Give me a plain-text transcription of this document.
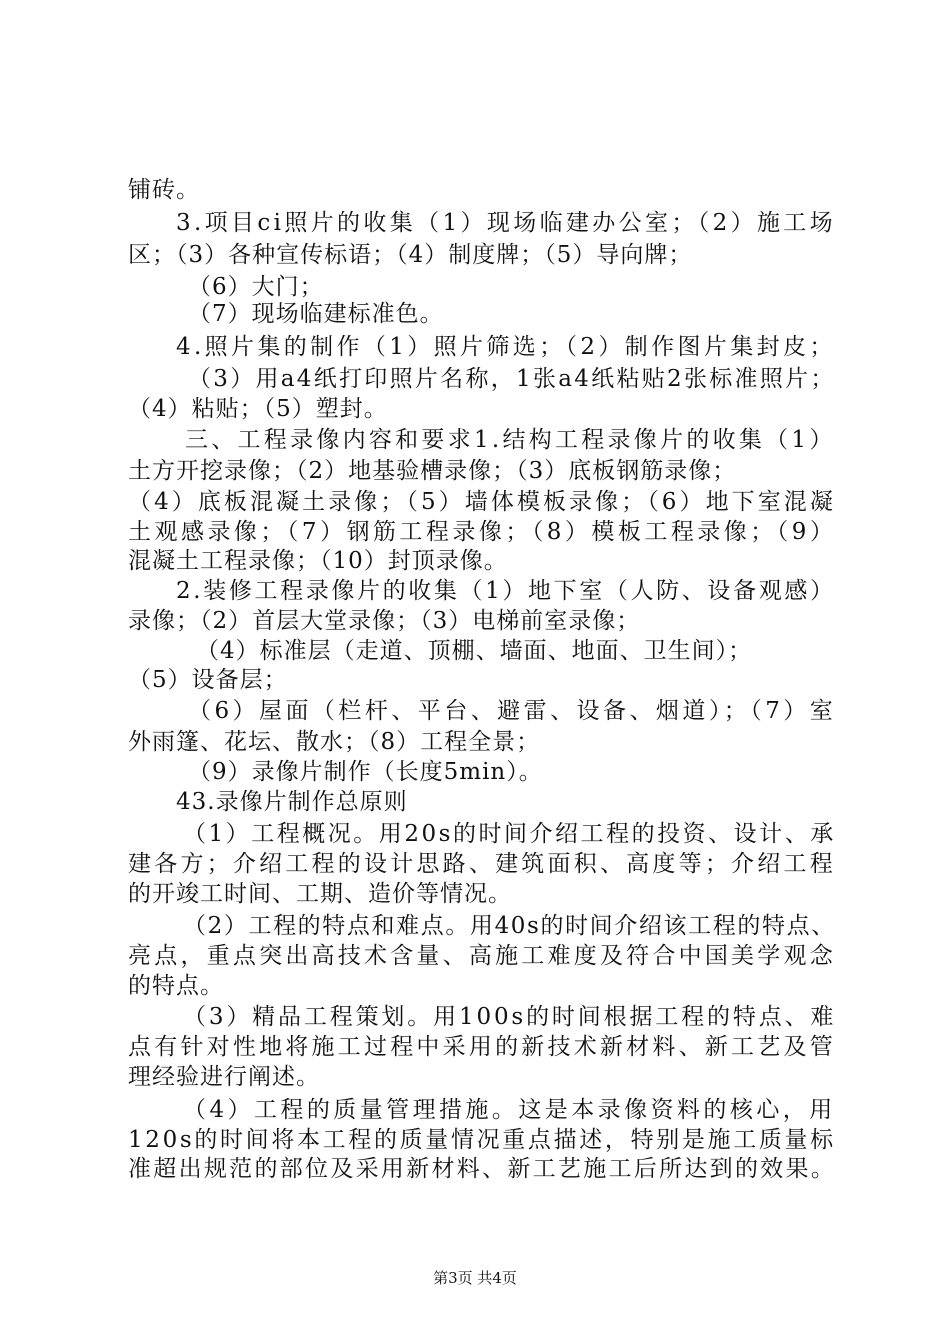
铺砖。
3.项目ci照片的收集（1）现场临建办公室；（2）施工场
区；（3）各种宣传标语；（4）制度牌；（5）导向牌；
（6）大门；
（7）现场临建标准色。
4.照片集的制作（1）照片筛选；（2）制作图片集封皮；
（3）用a4纸打印照片名称，1张a4纸粘贴2张标准照片；
（4）粘贴；（5）塑封。
三、工程录像内容和要求1.结构工程录像片的收集（1）
土方开挖录像；（2）地基验槽录像；（3）底板钢筋录像；
（4）底板混凝土录像；（5）墙体模板录像；（6）地下室混凝
土观感录像；（7）钢筋工程录像；（8）模板工程录像；（9）
混凝土工程录像；（10）封顶录像。
2.装修工程录像片的收集（1）地下室（人防、设备观感）
录像；（2）首层大堂录像；（3）电梯前室录像；
（4）标准层（走道、顶棚、墙面、地面、卫生间）；
（5）设备层；
（6）屋面（栏杆、平台、避雷、设备、烟道）；（7）室
外雨篷、花坛、散水；（8）工程全景；
（9）录像片制作（长度5min）。
43.录像片制作总原则
（1）工程概况。用20s的时间介绍工程的投资、设计、承
建各方；介绍工程的设计思路、建筑面积、高度等；介绍工程
的开竣工时间、工期、造价等情况。
（2）工程的特点和难点。用40s的时间介绍该工程的特点、
亮点，重点突出高技术含量、高施工难度及符合中国美学观念
的特点。
（3）精品工程策划。用100s的时间根据工程的特点、难
点有针对性地将施工过程中采用的新技术新材料、新工艺及管
理经验进行阐述。
（4）工程的质量管理措施。这是本录像资料的核心，用
120s的时间将本工程的质量情况重点描述，特别是施工质量标
准超出规范的部位及采用新材料、新工艺施工后所达到的效果。
第3页 共4页
